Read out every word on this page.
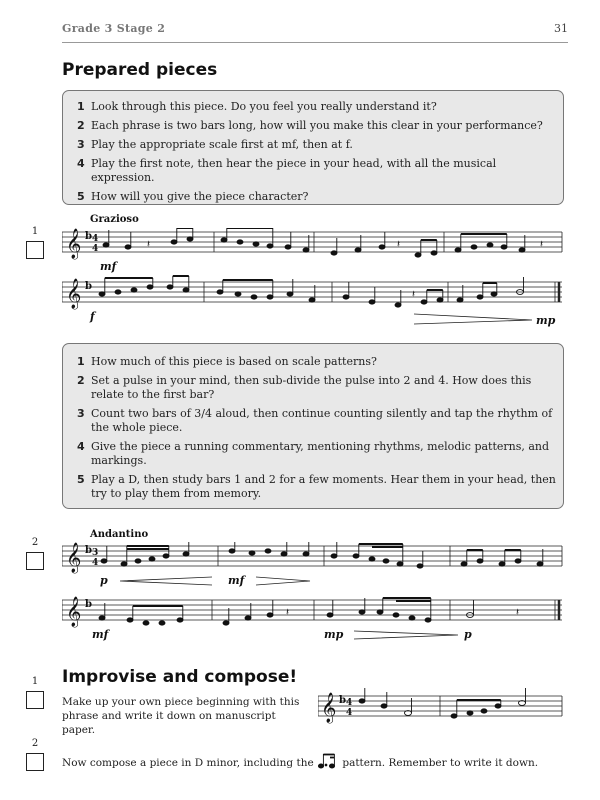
Grade 3 Stage 2	31
Prepared pieces
1 Look through this piece. Do you feel you really understand it?
2 Each phrase is two bars long, how will you make this clear in your performance?
3 Play the appropriate scale first at mf, then at f.
4 Play the first note, then hear the piece in your head, with all the musical expression.
5 How will you give the piece character?
1
Grazioso
𝄞 b 4
4	𝄽	𝄽	𝄽
mf
𝄞 b
𝄽
f	mp
1 How much of this piece is based on scale patterns?
2 Set a pulse in your mind, then sub-divide the pulse into 2 and 4. How does this relate to the first bar?
3 Count two bars of 3/4 aloud, then continue counting silently and tap the rhythm of the whole piece.
4 Give the piece a running commentary, mentioning rhythms, melodic patterns, and markings.
5 Play a D, then study bars 1 and 2 for a few moments. Hear them in your head, then try to play them from memory.
2
Andantino
𝄞 b 3
4
p	mf
𝄞 b
𝄽	𝄽
mf	mp	p
Improvise and compose!
1
Make up your own piece beginning with this phrase and write it down on manuscript paper.
𝄞 b 4
4
2
Now compose a piece in D minor, including the	pattern. Remember to write it down.
